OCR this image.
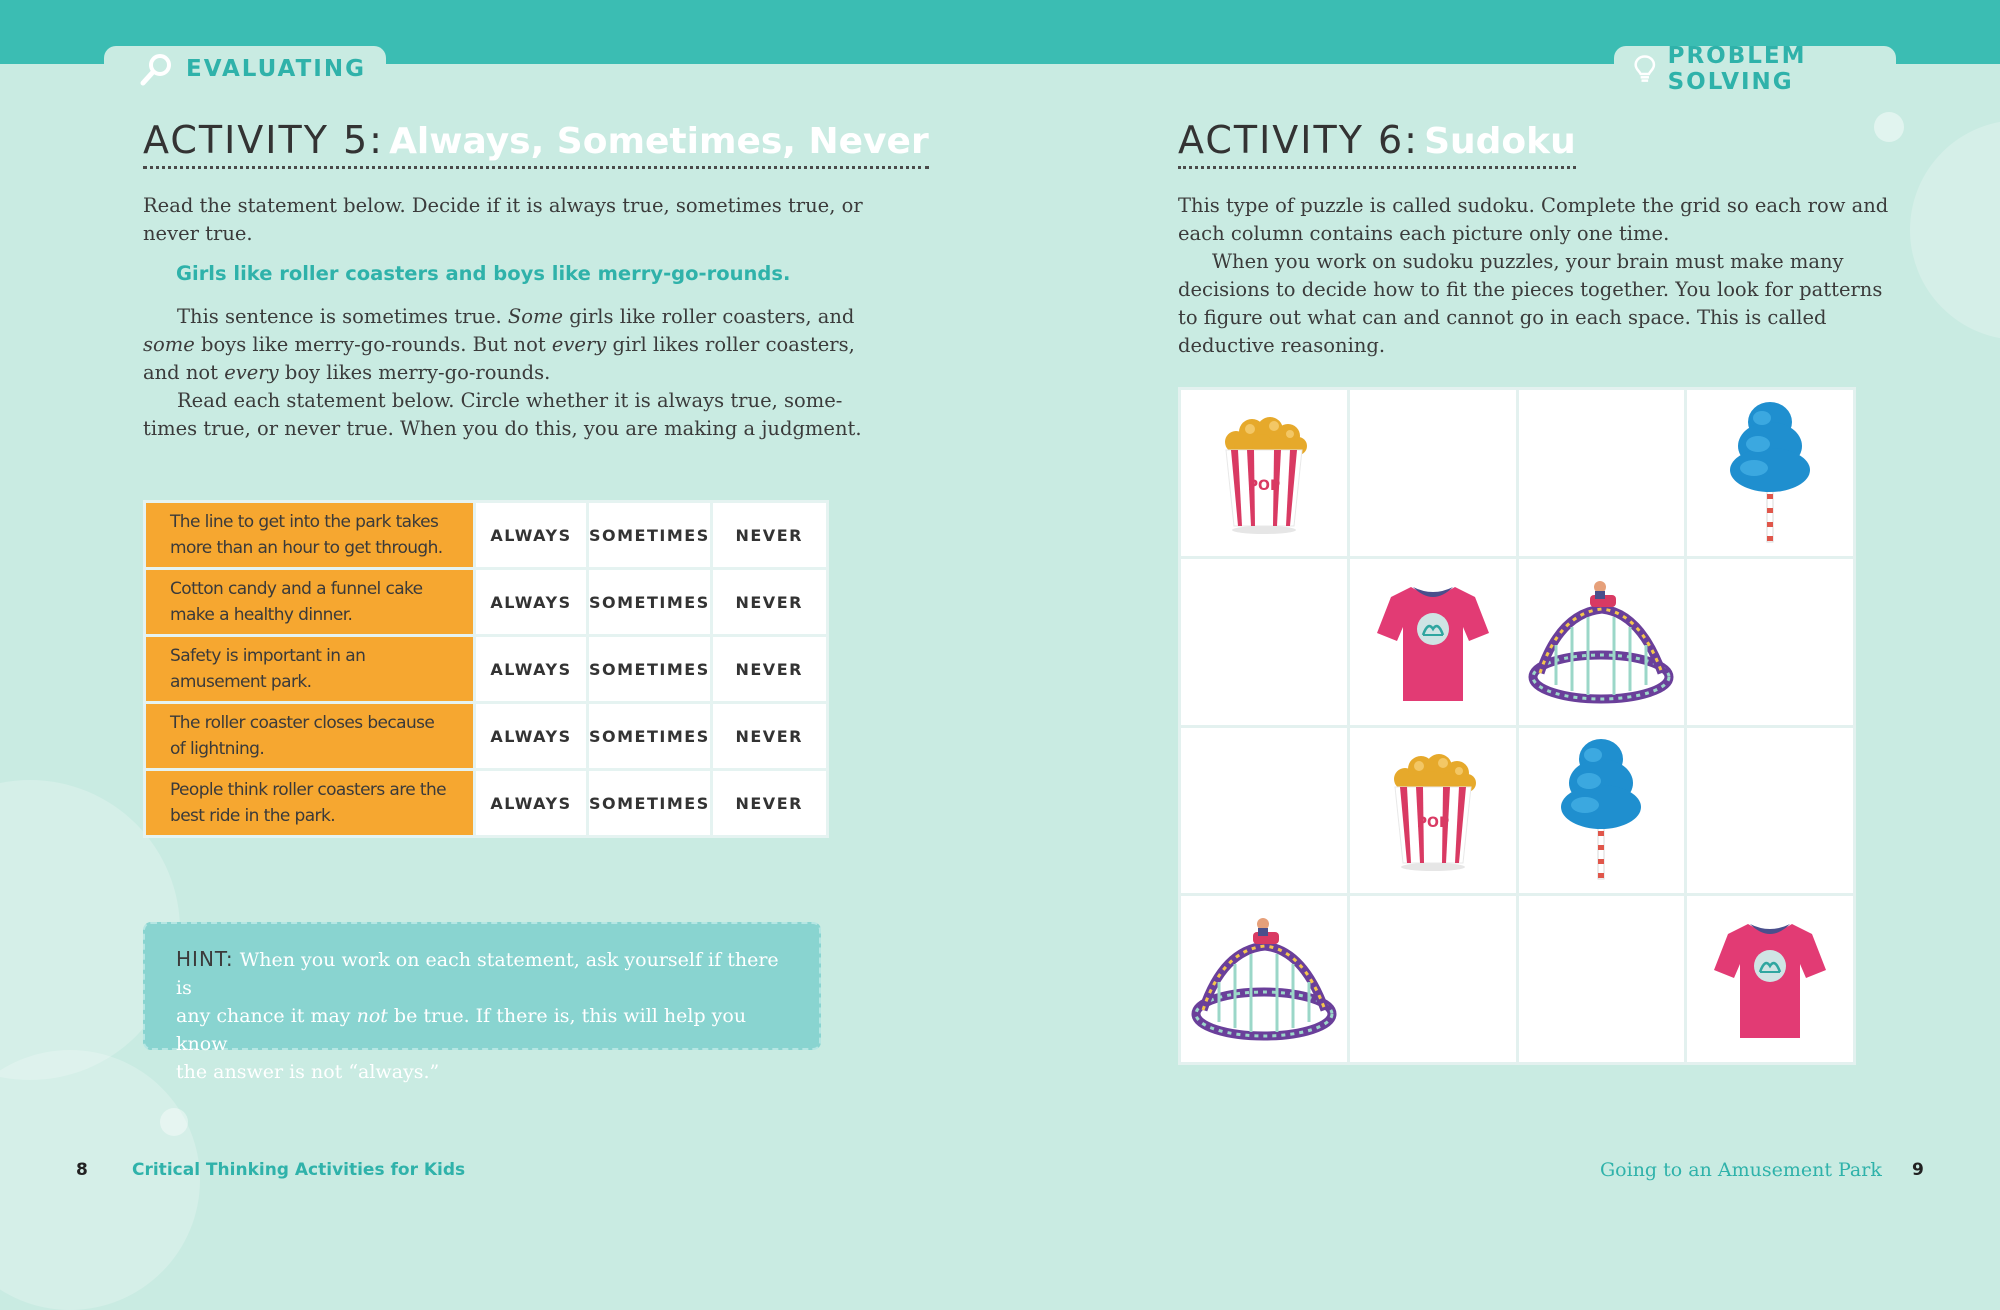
EVALUATING	PROBLEM SOLVING
ACTIVITY 5: Always, Sometimes, Never

Read the statement below. Decide if it is always true, sometimes true, or
never true.

Girls like roller coasters and boys like merry-go-rounds.

This sentence is sometimes true. Some girls like roller coasters, and
some boys like merry-go-rounds. But not every girl likes roller coasters,
and not every boy likes merry-go-rounds.

Read each statement below. Circle whether it is always true, some-
times true, or never true. When you do this, you are making a judgment.

The line to get into the park takes
more than an hour to get through.	ALWAYS	SOMETIMES	NEVER
Cotton candy and a funnel cake
make a healthy dinner.	ALWAYS	SOMETIMES	NEVER
Safety is important in an
amusement park.	ALWAYS	SOMETIMES	NEVER
The roller coaster closes because
of lightning.	ALWAYS	SOMETIMES	NEVER
People think roller coasters are the
best ride in the park.	ALWAYS	SOMETIMES	NEVER
HINT: When you work on each statement, ask yourself if there is
any chance it may not be true. If there is, this will help you know
the answer is not “always.”
ACTIVITY 6: Sudoku

This type of puzzle is called sudoku. Complete the grid so each row and
each column contains each picture only one time.
When you work on sudoku puzzles, your brain must make many
decisions to decide how to fit the pieces together. You look for patterns
to figure out what can and cannot go in each space. This is called
deductive reasoning.

POP
POP
8	Critical Thinking Activities for Kids	Going to an Amusement Park 9
